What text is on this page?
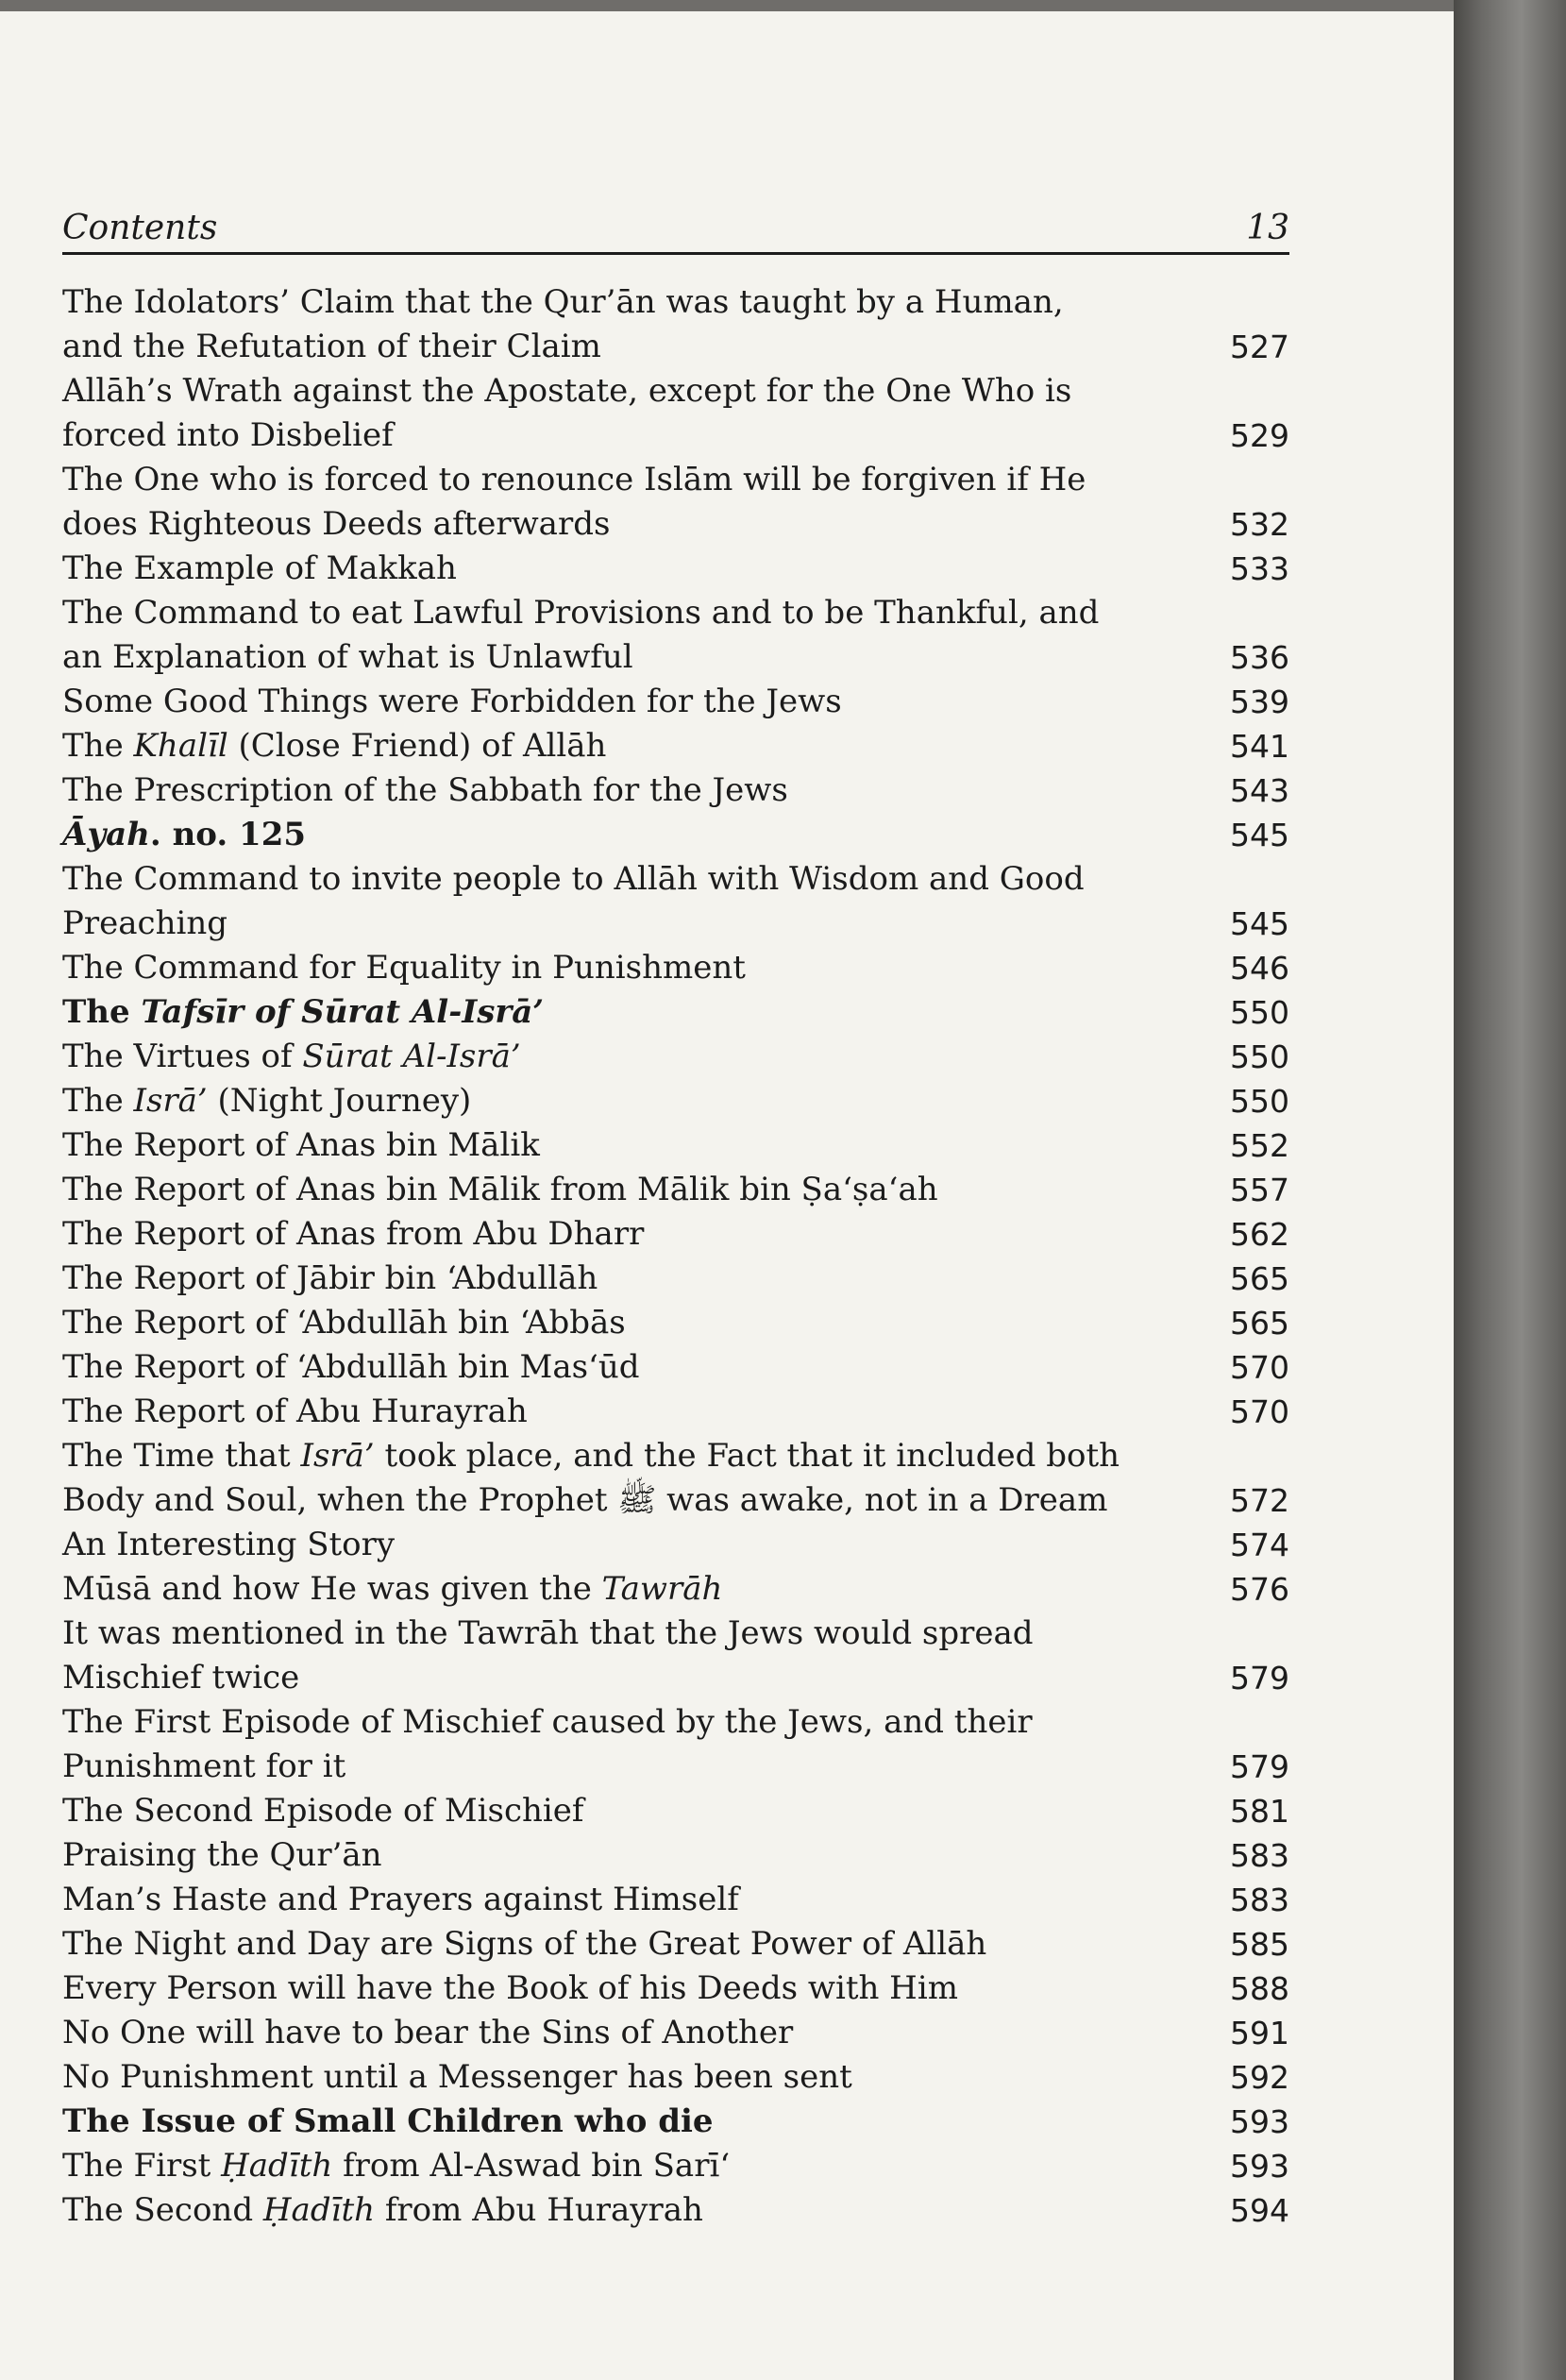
Contents	13
The Idolators’ Claim that the Qur’ān was taught by a Human,
and the Refutation of their Claim	527
Allāh’s Wrath against the Apostate, except for the One Who is
forced into Disbelief	529
The One who is forced to renounce Islām will be forgiven if He
does Righteous Deeds afterwards	532
The Example of Makkah	533
The Command to eat Lawful Provisions and to be Thankful, and
an Explanation of what is Unlawful	536
Some Good Things were Forbidden for the Jews	539
The Khalīl (Close Friend) of Allāh	541
The Prescription of the Sabbath for the Jews	543
Āyah. no. 125	545
The Command to invite people to Allāh with Wisdom and Good
Preaching	545
The Command for Equality in Punishment	546
The Tafsīr of Sūrat Al-Isrā’	550
The Virtues of Sūrat Al-Isrā’	550
The Isrā’ (Night Journey)	550
The Report of Anas bin Mālik	552
The Report of Anas bin Mālik from Mālik bin Ṣa‘ṣa‘ah	557
The Report of Anas from Abu Dharr	562
The Report of Jābir bin ‘Abdullāh	565
The Report of ‘Abdullāh bin ‘Abbās	565
The Report of ‘Abdullāh bin Mas‘ūd	570
The Report of Abu Hurayrah	570
The Time that Isrā’ took place, and the Fact that it included both
Body and Soul, when the Prophet ﷺ was awake, not in a Dream	572
An Interesting Story	574
Mūsā and how He was given the Tawrāh	576
It was mentioned in the Tawrāh that the Jews would spread
Mischief twice	579
The First Episode of Mischief caused by the Jews, and their
Punishment for it	579
The Second Episode of Mischief	581
Praising the Qur’ān	583
Man’s Haste and Prayers against Himself	583
The Night and Day are Signs of the Great Power of Allāh	585
Every Person will have the Book of his Deeds with Him	588
No One will have to bear the Sins of Another	591
No Punishment until a Messenger has been sent	592
The Issue of Small Children who die	593
The First Ḥadīth from Al-Aswad bin Sarī‘	593
The Second Ḥadīth from Abu Hurayrah	594
